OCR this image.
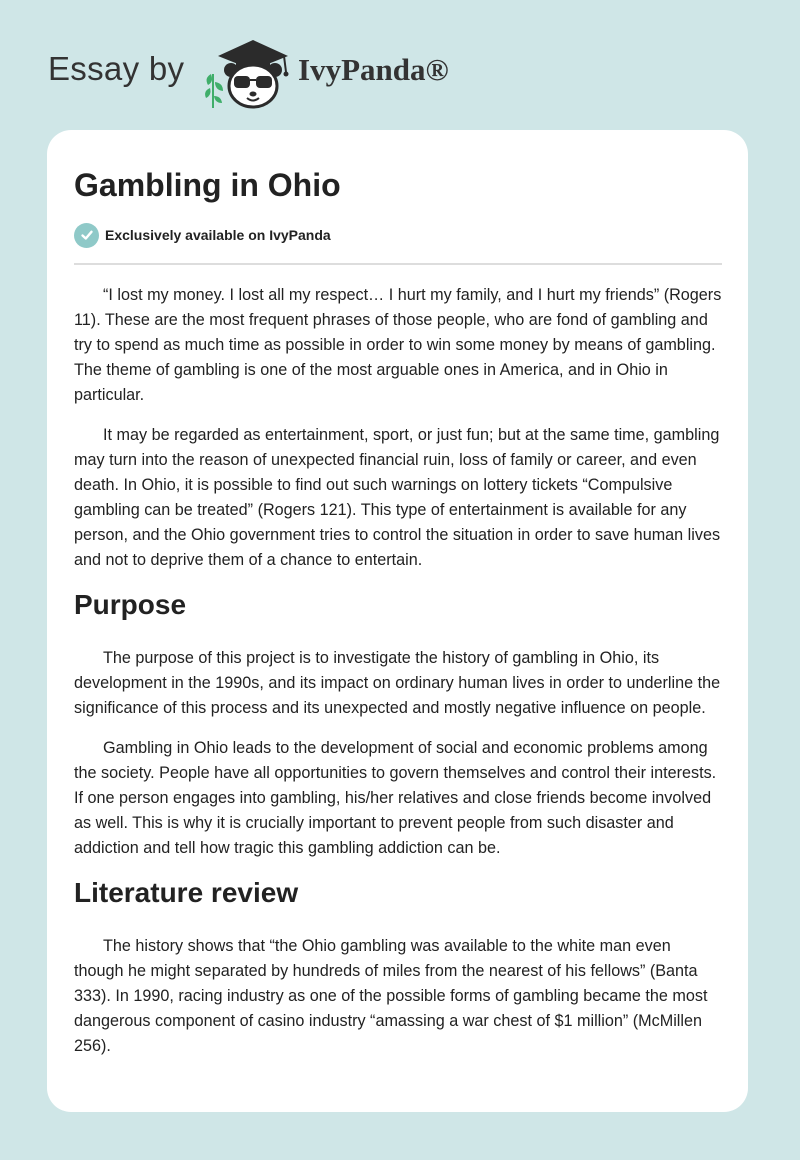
Essay by	IvyPanda®
Gambling in Ohio
Exclusively available on IvyPanda

“I lost my money. I lost all my respect… I hurt my family, and I hurt my friends” (Rogers 11). These are the most frequent phrases of those people, who are fond of gambling and try to spend as much time as possible in order to win some money by means of gambling. The theme of gambling is one of the most arguable ones in America, and in Ohio in particular.

It may be regarded as entertainment, sport, or just fun; but at the same time, gambling may turn into the reason of unexpected financial ruin, loss of family or career, and even death. In Ohio, it is possible to find out such warnings on lottery tickets “Compulsive gambling can be treated” (Rogers 121). This type of entertainment is available for any person, and the Ohio government tries to control the situation in order to save human lives and not to deprive them of a chance to entertain.

Purpose

The purpose of this project is to investigate the history of gambling in Ohio, its development in the 1990s, and its impact on ordinary human lives in order to underline the significance of this process and its unexpected and mostly negative influence on people.

Gambling in Ohio leads to the development of social and economic problems among the society. People have all opportunities to govern themselves and control their interests. If one person engages into gambling, his/her relatives and close friends become involved as well. This is why it is crucially important to prevent people from such disaster and addiction and tell how tragic this gambling addiction can be.

Literature review

The history shows that “the Ohio gambling was available to the white man even though he might separated by hundreds of miles from the nearest of his fellows” (Banta 333). In 1990, racing industry as one of the possible forms of gambling became the most dangerous component of casino industry “amassing a war chest of $1 million” (McMillen 256).
